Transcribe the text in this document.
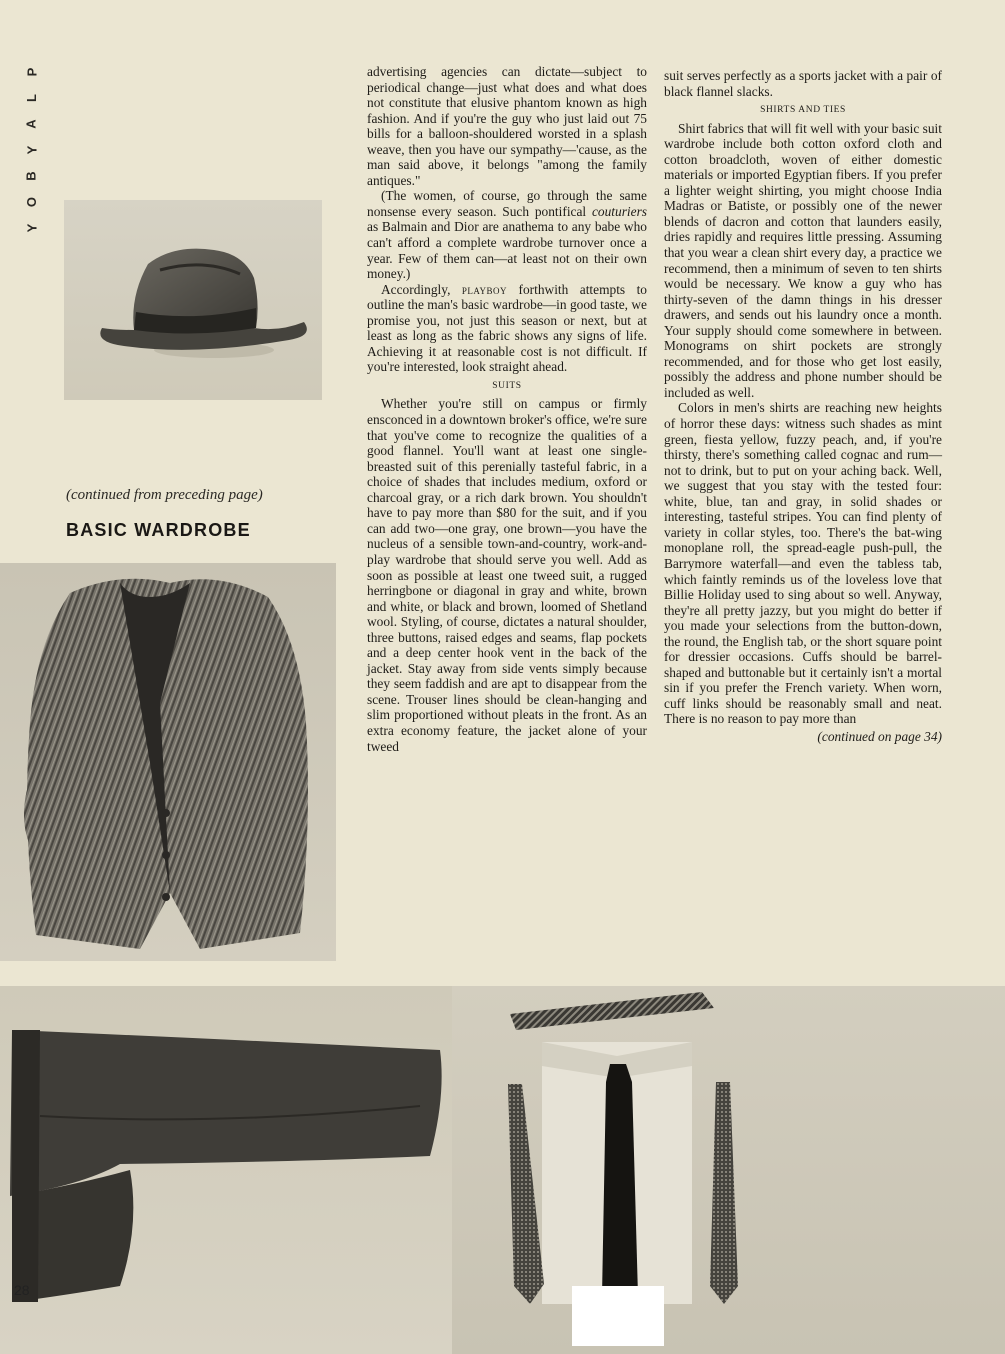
P
L
A
Y
B
O
Y
(continued from preceding page)
BASIC WARDROBE

advertising agencies can dictate—subject to periodical change—just what does and what does not constitute that elusive phantom known as high fashion. And if you're the guy who just laid out 75 bills for a balloon-shouldered worsted in a splash weave, then you have our sympathy—'cause, as the man said above, it belongs "among the family antiques."

(The women, of course, go through the same nonsense every season. Such pontifical couturiers as Balmain and Dior are anathema to any babe who can't afford a complete wardrobe turnover once a year. Few of them can—at least not on their own money.)

Accordingly, playboy forthwith attempts to outline the man's basic wardrobe—in good taste, we promise you, not just this season or next, but at least as long as the fabric shows any signs of life. Achieving it at reasonable cost is not difficult. If you're interested, look straight ahead.

SUITS

Whether you're still on campus or firmly ensconced in a downtown broker's office, we're sure that you've come to recognize the qualities of a good flannel. You'll want at least one single-breasted suit of this perenially tasteful fabric, in a choice of shades that includes medium, oxford or charcoal gray, or a rich dark brown. You shouldn't have to pay more than $80 for the suit, and if you can add two—one gray, one brown—you have the nucleus of a sensible town-and-country, work-and-play wardrobe that should serve you well. Add as soon as possible at least one tweed suit, a rugged herringbone or diagonal in gray and white, brown and white, or black and brown, loomed of Shetland wool. Styling, of course, dictates a natural shoulder, three buttons, raised edges and seams, flap pockets and a deep center hook vent in the back of the jacket. Stay away from side vents simply because they seem faddish and are apt to disappear from the scene. Trouser lines should be clean-hanging and slim proportioned without pleats in the front. As an extra economy feature, the jacket alone of your tweed

suit serves perfectly as a sports jacket with a pair of black flannel slacks.

SHIRTS AND TIES

Shirt fabrics that will fit well with your basic suit wardrobe include both cotton oxford cloth and cotton broadcloth, woven of either domestic materials or imported Egyptian fibers. If you prefer a lighter weight shirting, you might choose India Madras or Batiste, or possibly one of the newer blends of dacron and cotton that launders easily, dries rapidly and requires little pressing. Assuming that you wear a clean shirt every day, a practice we recommend, then a minimum of seven to ten shirts would be necessary. We know a guy who has thirty-seven of the damn things in his dresser drawers, and sends out his laundry once a month. Your supply should come somewhere in between. Monograms on shirt pockets are strongly recommended, and for those who get lost easily, possibly the address and phone number should be included as well.

Colors in men's shirts are reaching new heights of horror these days: witness such shades as mint green, fiesta yellow, fuzzy peach, and, if you're thirsty, there's something called cognac and rum—not to drink, but to put on your aching back. Well, we suggest that you stay with the tested four: white, blue, tan and gray, in solid shades or interesting, tasteful stripes. You can find plenty of variety in collar styles, too. There's the bat-wing monoplane roll, the spread-eagle push-pull, the Barrymore waterfall—and even the tabless tab, which faintly reminds us of the loveless love that Billie Holiday used to sing about so well. Anyway, they're all pretty jazzy, but you might do better if you made your selections from the button-down, the round, the English tab, or the short square point for dressier occasions. Cuffs should be barrel-shaped and buttonable but it certainly isn't a mortal sin if you prefer the French variety. When worn, cuff links should be reasonably small and neat. There is no reason to pay more than

(continued on page 34)
28
